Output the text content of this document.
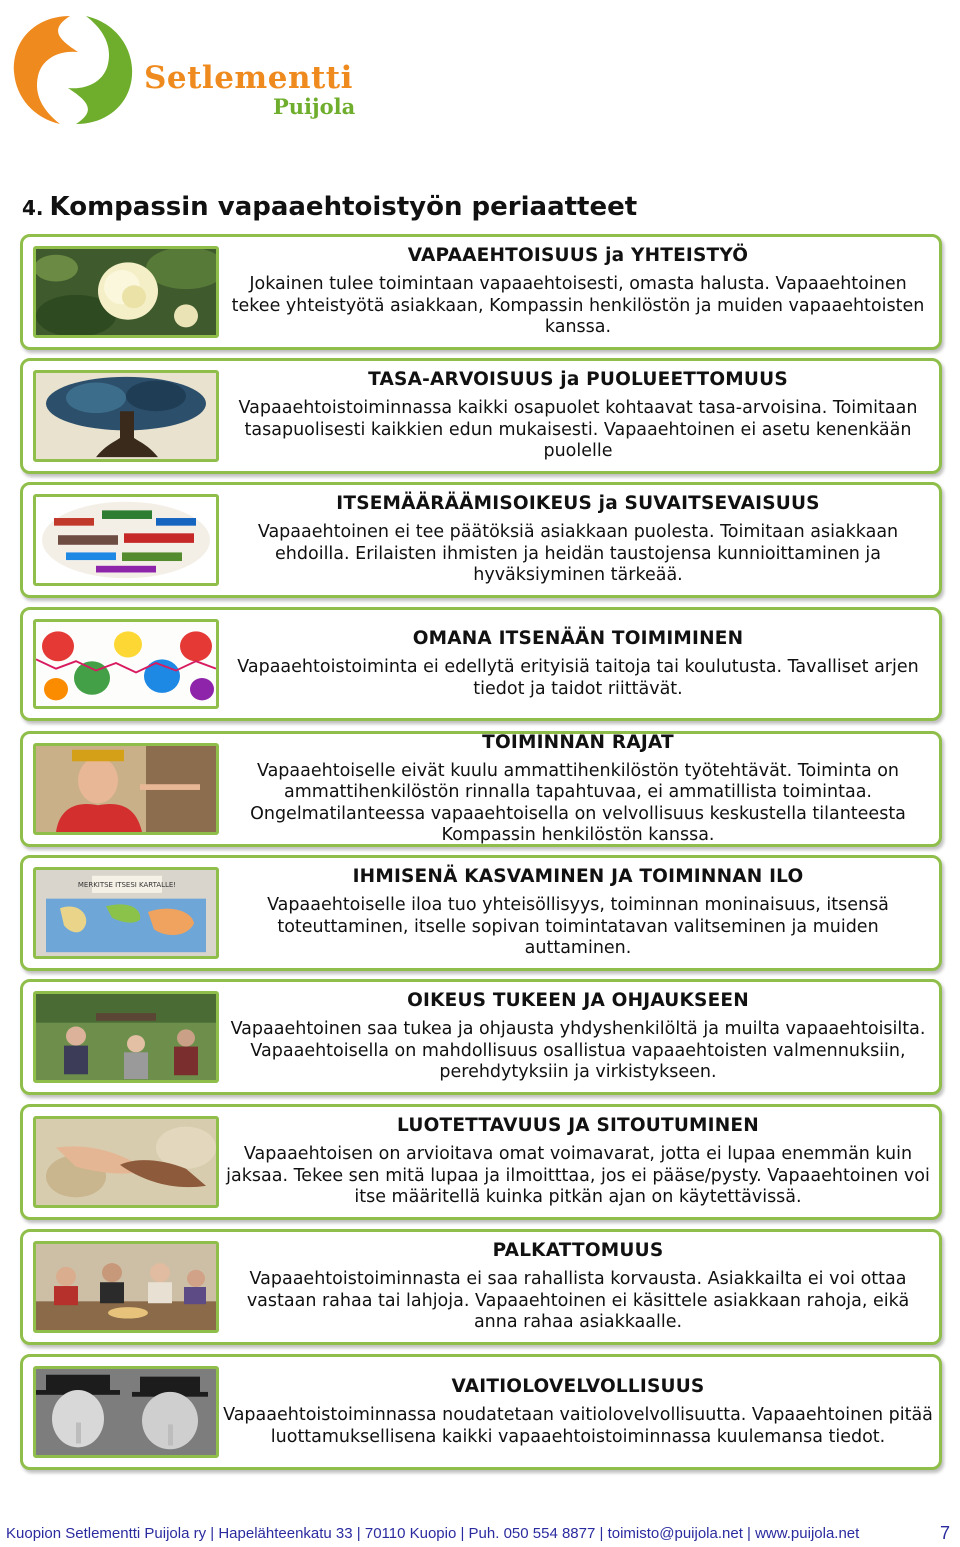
Setlementti
Puijola
4. Kompassin vapaaehtoistyön periaatteet
VAPAAEHTOISUUS ja YHTEISTYÖ

Jokainen tulee toimintaan vapaaehtoisesti, omasta halusta. Vapaaehtoinen tekee yhteistyötä asiakkaan, Kompassin henkilöstön ja muiden vapaaehtoisten kanssa.

TASA-ARVOISUUS ja PUOLUEETTOMUUS

Vapaaehtoistoiminnassa kaikki osapuolet kohtaavat tasa-arvoisina. Toimitaan tasapuolisesti kaikkien edun mukaisesti. Vapaaehtoinen ei asetu kenenkään puolelle

ITSEMÄÄRÄÄMISOIKEUS ja SUVAITSEVAISUUS

Vapaaehtoinen ei tee päätöksiä asiakkaan puolesta. Toimitaan asiakkaan ehdoilla. Erilaisten ihmisten ja heidän taustojensa kunnioittaminen ja hyväksiyminen tärkeää.

OMANA ITSENÄÄN TOIMIMINEN

Vapaaehtoistoiminta ei edellytä erityisiä taitoja tai koulutusta. Tavalliset arjen tiedot ja taidot riittävät.

TOIMINNAN RAJAT

Vapaaehtoiselle eivät kuulu ammattihenkilöstön työtehtävät. Toiminta on ammattihenkilöstön rinnalla tapahtuvaa, ei ammatillista toimintaa. Ongelmatilanteessa vapaaehtoisella on velvollisuus keskustella tilanteesta Kompassin henkilöstön kanssa.

MERKITSE ITSESI KARTALLE!	IHMISENÄ KASVAMINEN JA TOIMINNAN ILO

Vapaaehtoiselle iloa tuo yhteisöllisyys, toiminnan moninaisuus, itsensä toteuttaminen, itselle sopivan toimintatavan valitseminen ja muiden auttaminen.

OIKEUS TUKEEN JA OHJAUKSEEN

Vapaaehtoinen saa tukea ja ohjausta yhdyshenkilöltä ja muilta vapaaehtoisilta. Vapaaehtoisella on mahdollisuus osallistua vapaaehtoisten valmennuksiin, perehdytyksiin ja virkistykseen.

LUOTETTAVUUS JA SITOUTUMINEN

Vapaaehtoisen on arvioitava omat voimavarat, jotta ei lupaa enemmän kuin jaksaa. Tekee sen mitä lupaa ja ilmoitttaa, jos ei pääse/pysty. Vapaaehtoinen voi itse määritellä kuinka pitkän ajan on käytettävissä.

PALKATTOMUUS

Vapaaehtoistoiminnasta ei saa rahallista korvausta. Asiakkailta ei voi ottaa vastaan rahaa tai lahjoja. Vapaaehtoinen ei käsittele asiakkaan rahoja, eikä anna rahaa asiakkaalle.

VAITIOLOVELVOLLISUUS

Vapaaehtoistoiminnassa noudatetaan vaitiolovelvollisuutta. Vapaaehtoinen pitää luottamuksellisena kaikki vapaaehtoistoiminnassa kuulemansa tiedot.

Kuopion Setlementti Puijola ry | Hapelähteenkatu 33 | 70110 Kuopio | Puh. 050 554 8877 | toimisto@puijola.net | www.puijola.net	7
